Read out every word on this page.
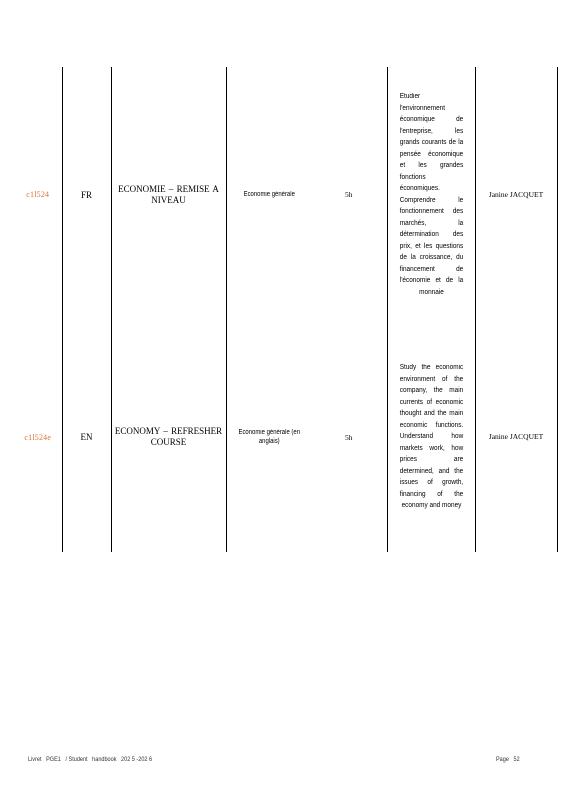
c1l524	FR	ECONOMIE – REMISE A NIVEAU	Economie générale	5h	Etudier l'environnement économique de l'entreprise, les grands courants de la pensée économique et les grandes fonctions économiques. Comprendre le fonctionnement des marchés, la détermination des prix, et les questions de la croissance, du financement de l'économie et de la monnaie	Janine JACQUET
c1l524e	EN	ECONOMY – REFRESHER COURSE	Economie générale (en anglais)	5h	Study the economic environment of the company, the main currents of economic thought and the main economic functions. Understand how markets work, how prices are determined, and the issues of growth, financing of the economy and money	Janine JACQUET
Livret   PGE1   / Student   handbook   202 5 -202 6	Page   52
